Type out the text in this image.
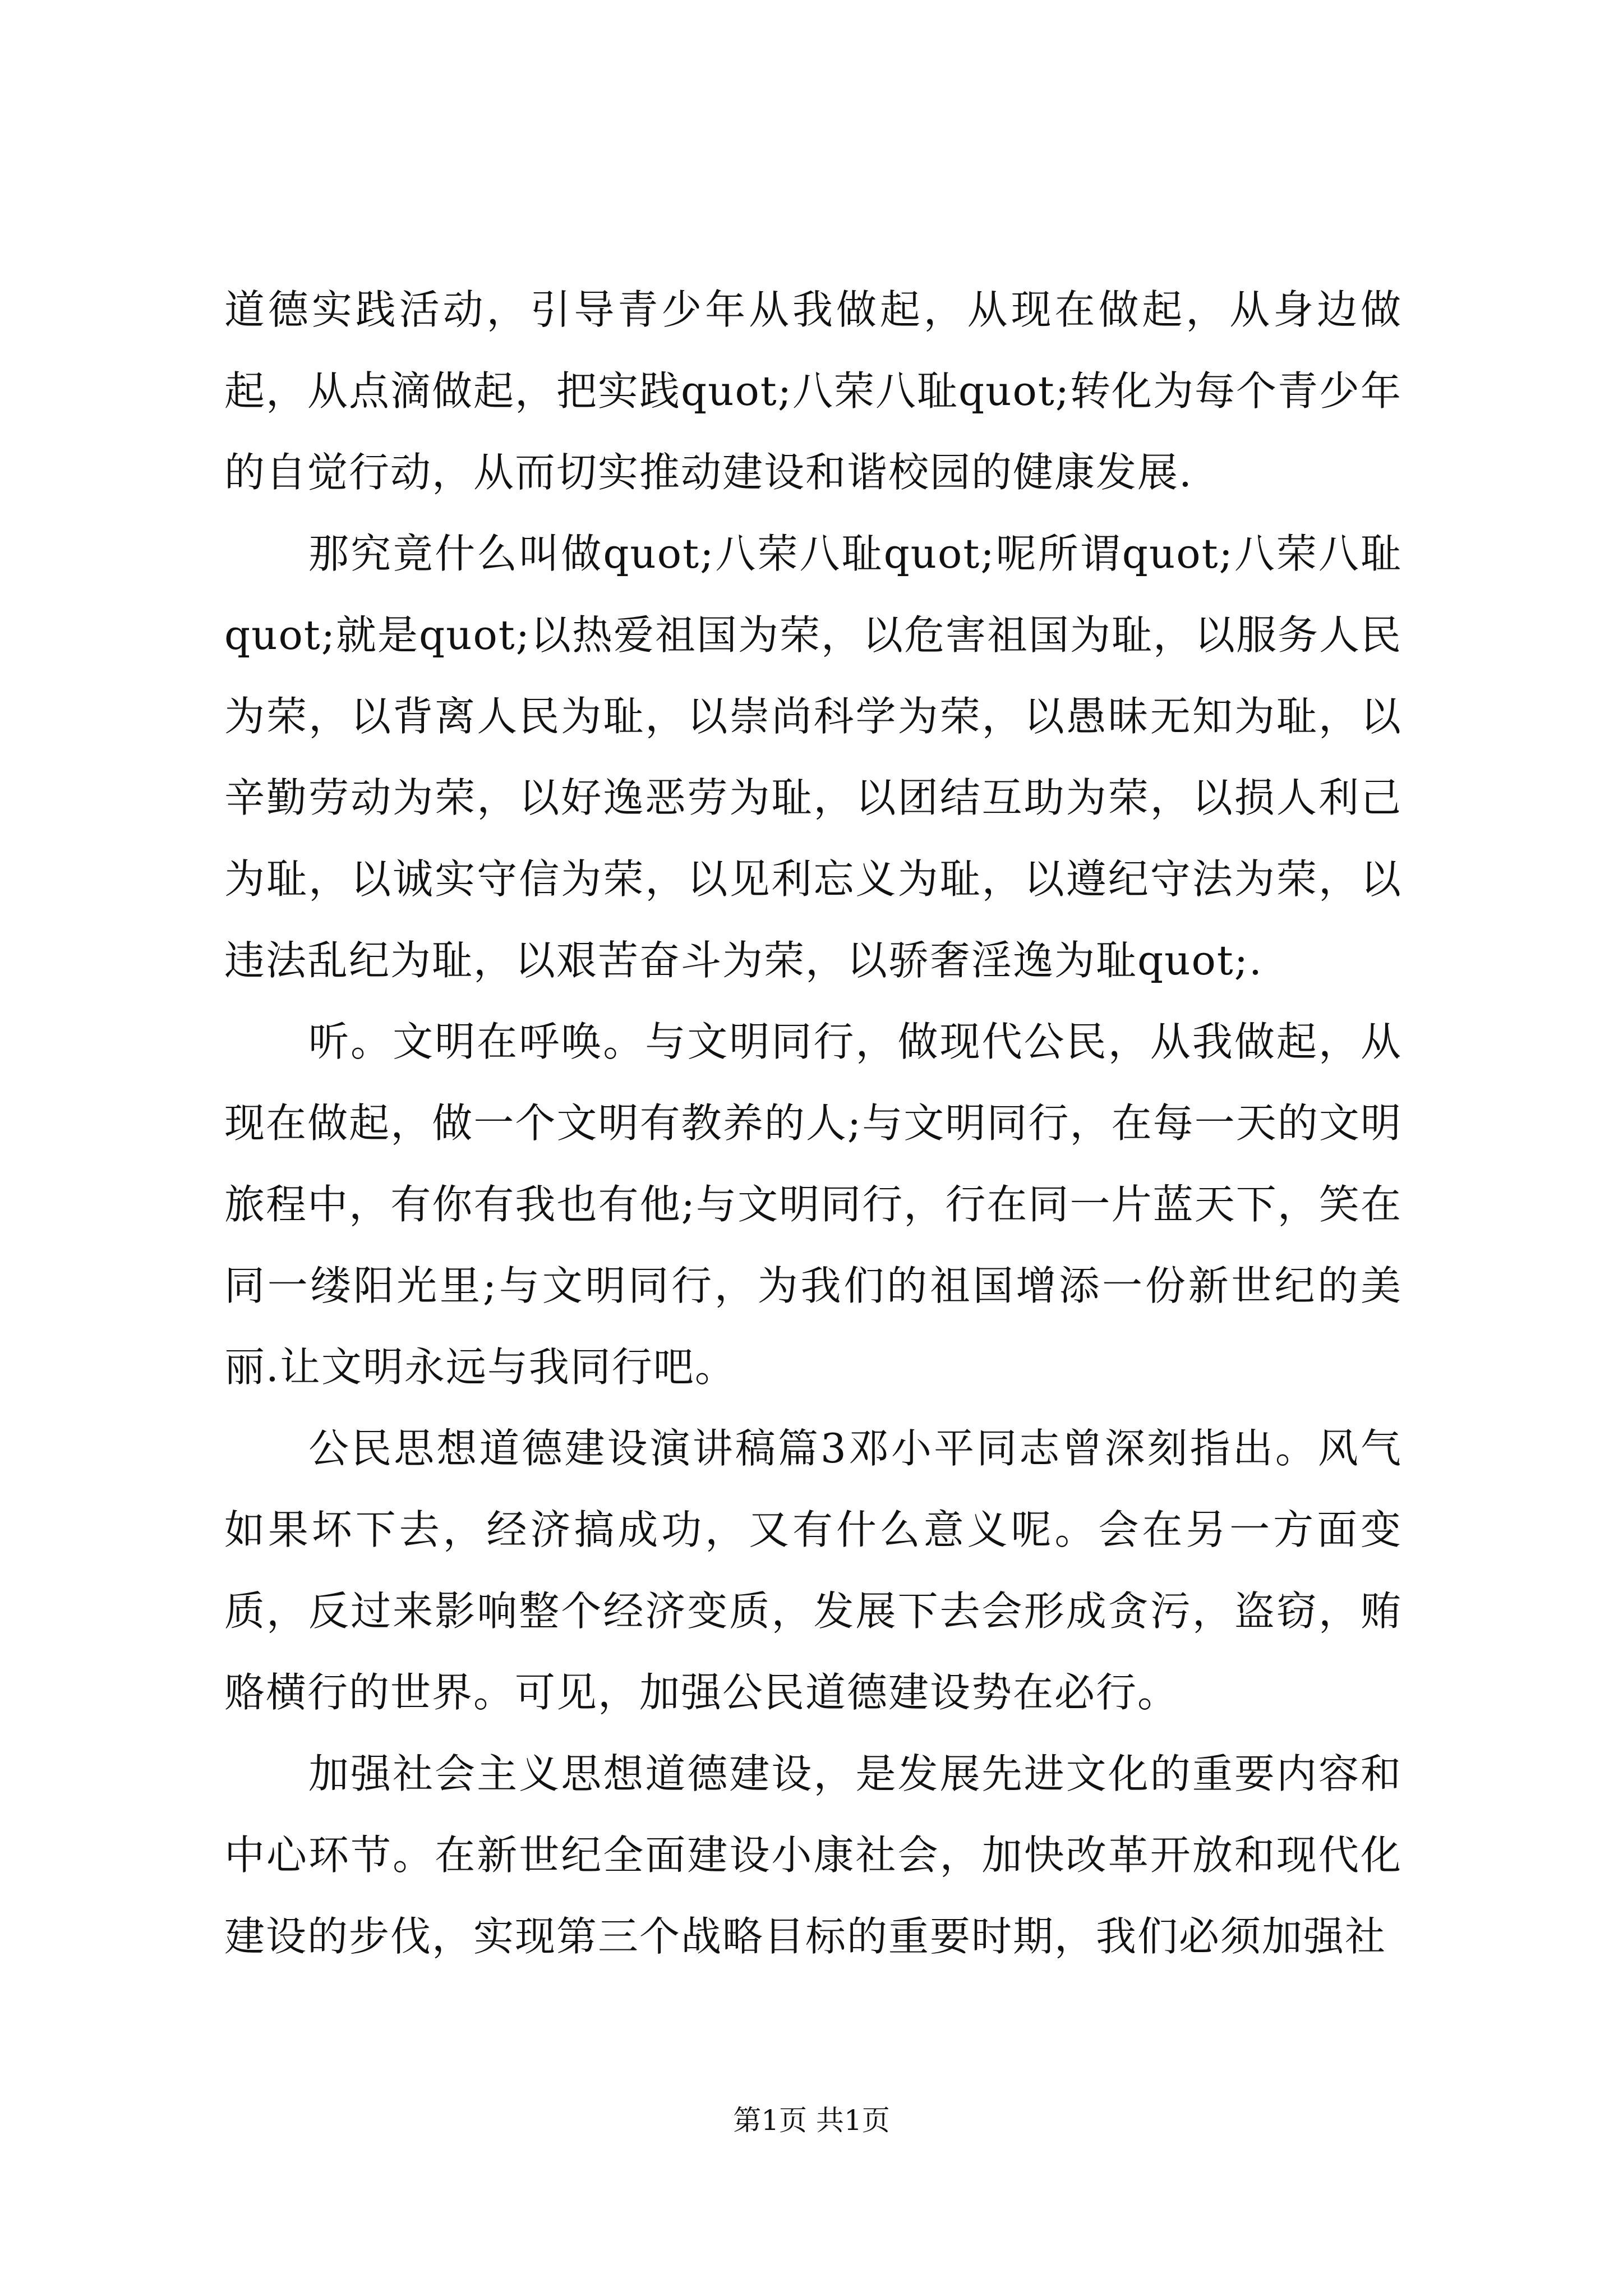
道德实践活动，引导青少年从我做起，从现在做起，从身边做起，从点滴做起，把实践quot;八荣八耻quot;转化为每个青少年的自觉行动，从而切实推动建设和谐校园的健康发展.

那究竟什么叫做quot;八荣八耻quot;呢所谓quot;八荣八耻quot;就是quot;以热爱祖国为荣，以危害祖国为耻，以服务人民为荣，以背离人民为耻，以崇尚科学为荣，以愚昧无知为耻，以辛勤劳动为荣，以好逸恶劳为耻，以团结互助为荣，以损人利己为耻，以诚实守信为荣，以见利忘义为耻，以遵纪守法为荣，以违法乱纪为耻，以艰苦奋斗为荣，以骄奢淫逸为耻quot;.

听。文明在呼唤。与文明同行，做现代公民，从我做起，从现在做起，做一个文明有教养的人;与文明同行，在每一天的文明旅程中，有你有我也有他;与文明同行，行在同一片蓝天下，笑在同一缕阳光里;与文明同行，为我们的祖国增添一份新世纪的美丽.让文明永远与我同行吧。

公民思想道德建设演讲稿篇3邓小平同志曾深刻指出。风气如果坏下去，经济搞成功，又有什么意义呢。会在另一方面变质，反过来影响整个经济变质，发展下去会形成贪污，盗窃，贿赂横行的世界。可见，加强公民道德建设势在必行。

加强社会主义思想道德建设，是发展先进文化的重要内容和中心环节。在新世纪全面建设小康社会，加快改革开放和现代化建设的步伐，实现第三个战略目标的重要时期，我们必须加强社

第1页 共1页
